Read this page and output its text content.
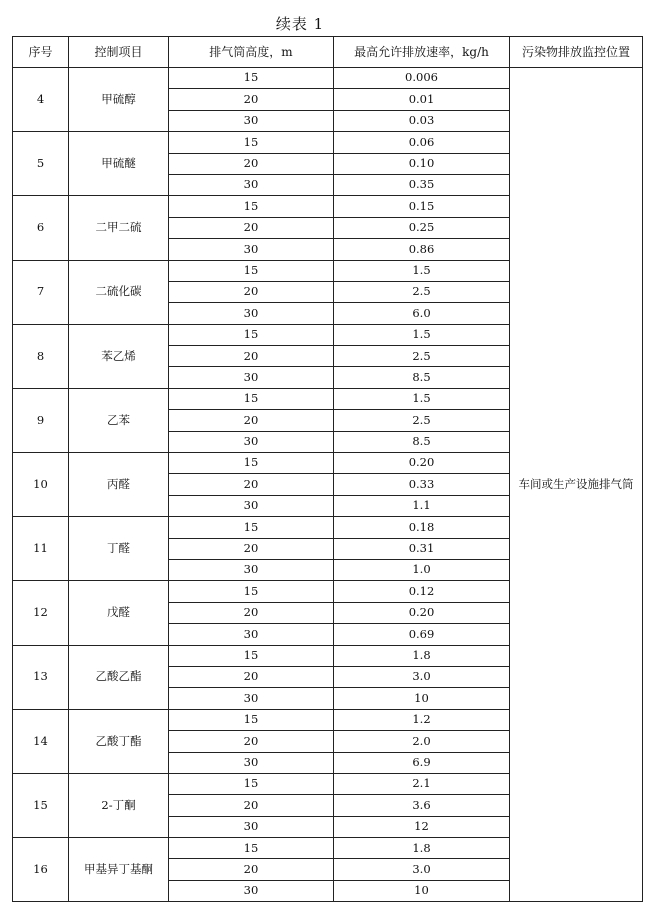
续表 1
序号	控制项目	排气筒高度，m	最高允许排放速率，kg/h	污染物排放监控位置
4	甲硫醇	15	0.006	车间或生产设施排气筒
		20	0.01	
		30	0.03	
5	甲硫醚	15	0.06	
		20	0.10	
		30	0.35	
6	二甲二硫	15	0.15	
		20	0.25	
		30	0.86	
7	二硫化碳	15	1.5	
		20	2.5	
		30	6.0	
8	苯乙烯	15	1.5	
		20	2.5	
		30	8.5	
9	乙苯	15	1.5	
		20	2.5	
		30	8.5	
10	丙醛	15	0.20	
		20	0.33	
		30	1.1	
11	丁醛	15	0.18	
		20	0.31	
		30	1.0	
12	戊醛	15	0.12	
		20	0.20	
		30	0.69	
13	乙酸乙酯	15	1.8	
		20	3.0	
		30	10	
14	乙酸丁酯	15	1.2	
		20	2.0	
		30	6.9	
15	2-丁酮	15	2.1	
		20	3.6	
		30	12	
16	甲基异丁基酮	15	1.8	
		20	3.0	
		30	10	
